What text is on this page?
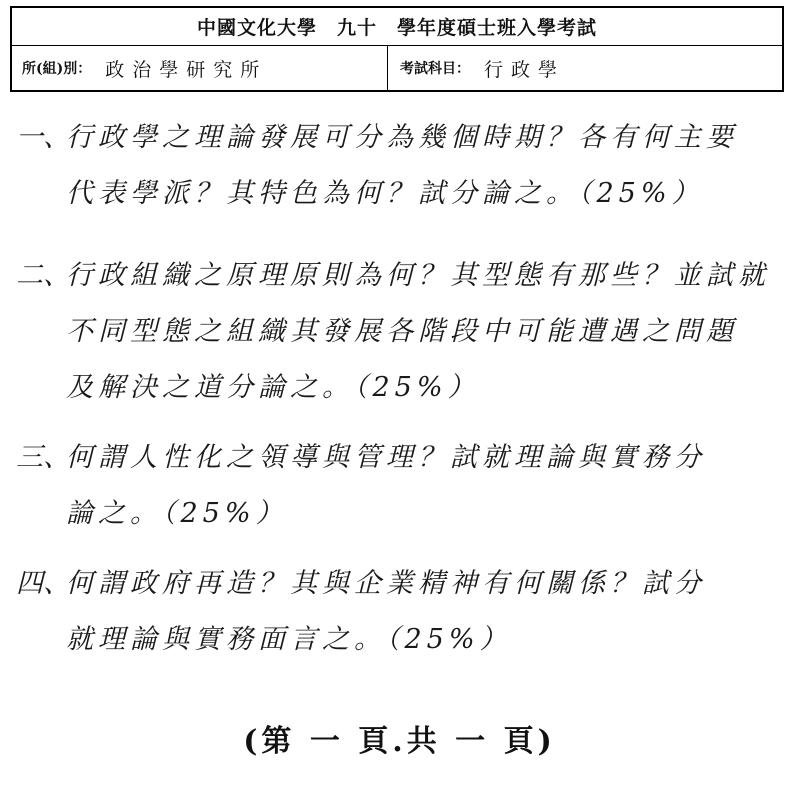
中國文化大學 九十 學年度碩士班入學考試
所(組)別： 政治學研究所	考試科目： 行政學
一、行政學之理論發展可分為幾個時期？各有何主要
代表學派？其特色為何？試分論之。（25%）
二、行政組織之原理原則為何？其型態有那些？並試就
不同型態之組織其發展各階段中可能遭遇之問題
及解決之道分論之。（25%）
三、何謂人性化之領導與管理？試就理論與實務分
論之。（25%）
四、何謂政府再造？其與企業精神有何關係？試分
就理論與實務面言之。（25%）
(第 一 頁.共 一 頁)
